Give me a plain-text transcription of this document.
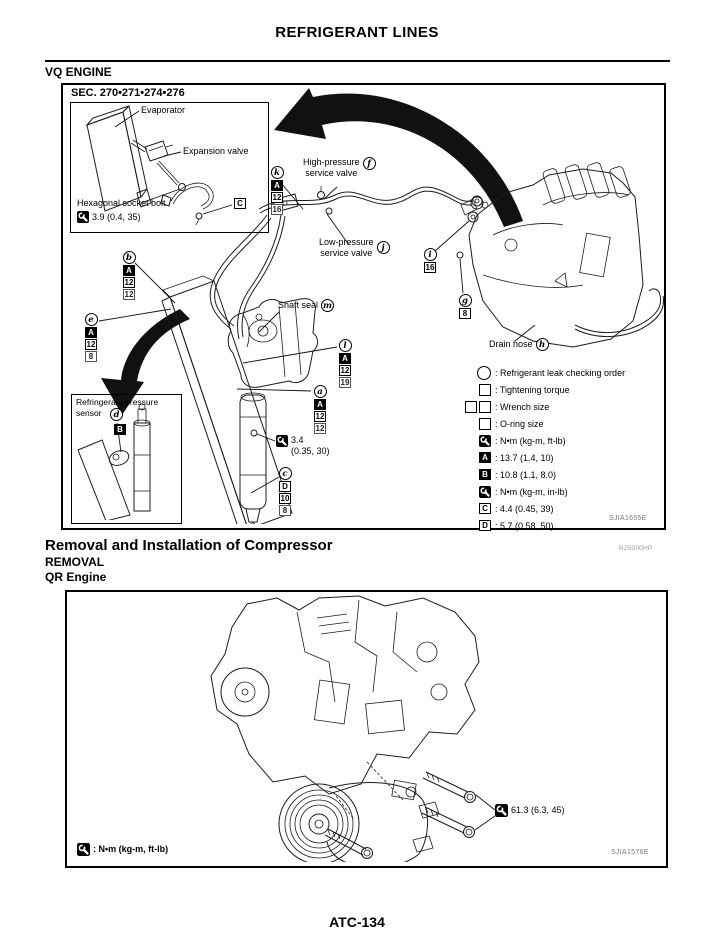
REFRIGERANT LINES
VQ ENGINE
SEC. 270•271•274•276
Evaporator
Expansion valve
Hexagonal socket bolt
3.9 (0.4, 35)
C
k
A
12
16
b
A
12
12
e
A
12
8
l
A
12
19
a
A
12
12
c
D
10
8
i
16
g
8
High-pressure
service valve
f
Low-pressure
service valve	j
Shaft seal m
Drain hose h
3.4
(0.35, 30)
Refringerant pressure
sensor	d
B
: Refrigerant leak checking order
: Tightening torque
: Wrench size
: O-ring size
: N•m (kg-m, ft-lb)
A : 13.7 (1.4, 10)
B : 10.8 (1.1, 8.0)
: N•m (kg-m, in-lb)
C : 4.4 (0.45, 39)
D : 5.7 (0.58, 50)
SJIA1655E
Removal and Installation of Compressor	BJS000HP
REMOVAL
QR Engine
61.3 (6.3, 45)
: N•m (kg-m, ft-lb)	SJIA1576E
ATC-134
